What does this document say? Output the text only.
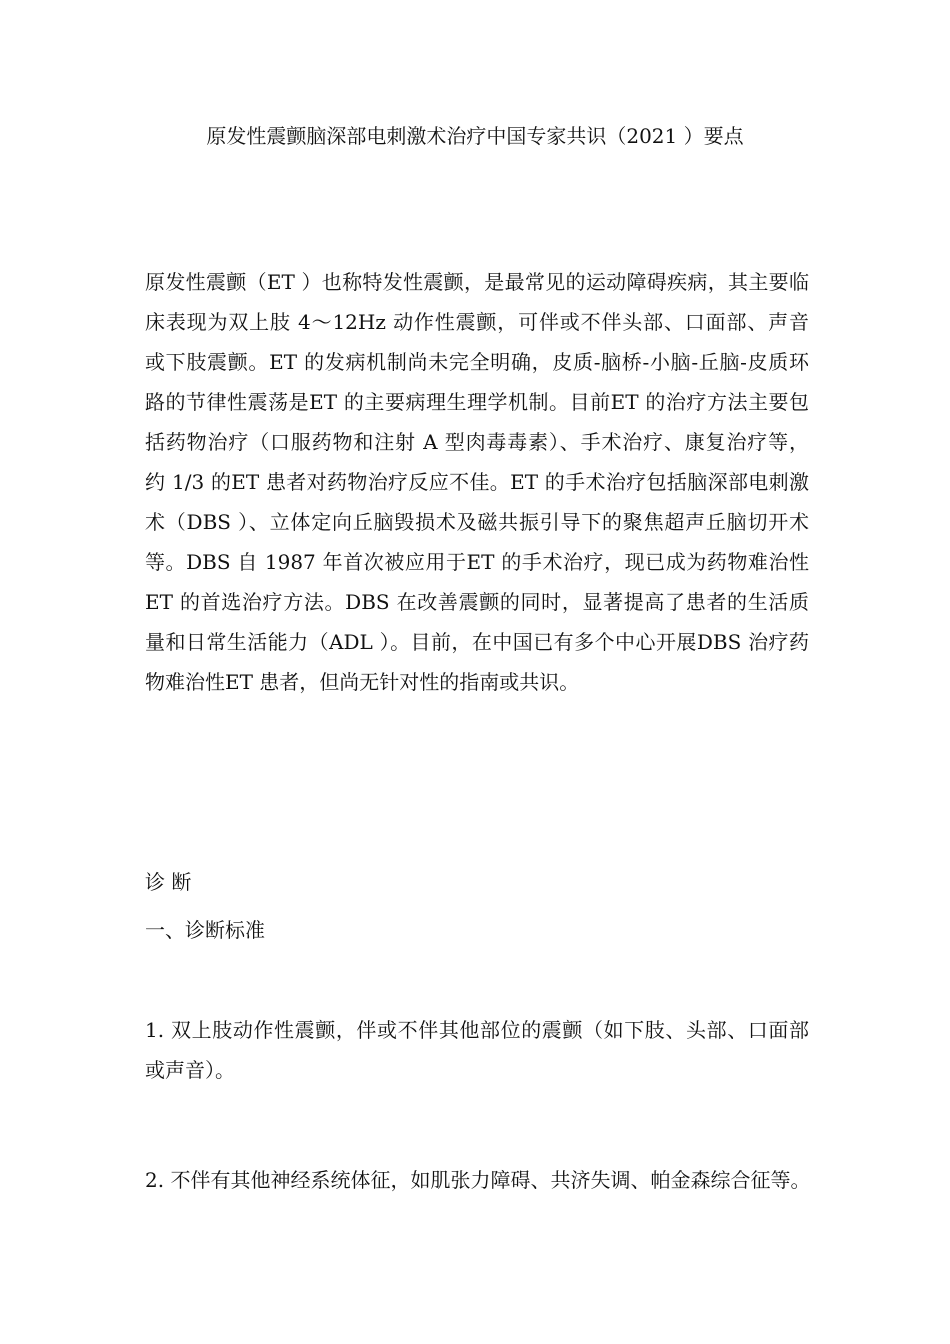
原发性震颤脑深部电刺激术治疗中国专家共识（2021 ）要点
原发性震颤（ET ）也称特发性震颤，是最常见的运动障碍疾病，其主要临
床表现为双上肢 4～12Hz 动作性震颤，可伴或不伴头部、口面部、声音
或下肢震颤。ET 的发病机制尚未完全明确，皮质-脑桥-小脑-丘脑-皮质环
路的节律性震荡是ET 的主要病理生理学机制。目前ET 的治疗方法主要包
括药物治疗（口服药物和注射 A 型肉毒毒素）、手术治疗、康复治疗等，
约 1/3 的ET 患者对药物治疗反应不佳。ET 的手术治疗包括脑深部电刺激
术（DBS ）、立体定向丘脑毁损术及磁共振引导下的聚焦超声丘脑切开术
等。DBS 自 1987 年首次被应用于ET 的手术治疗，现已成为药物难治性
ET 的首选治疗方法。DBS 在改善震颤的同时，显著提高了患者的生活质
量和日常生活能力（ADL ）。目前，在中国已有多个中心开展DBS 治疗药
物难治性ET 患者，但尚无针对性的指南或共识。
诊 断
一、诊断标准
1. 双上肢动作性震颤，伴或不伴其他部位的震颤（如下肢、头部、口面部
或声音）。
2. 不伴有其他神经系统体征，如肌张力障碍、共济失调、帕金森综合征等。
